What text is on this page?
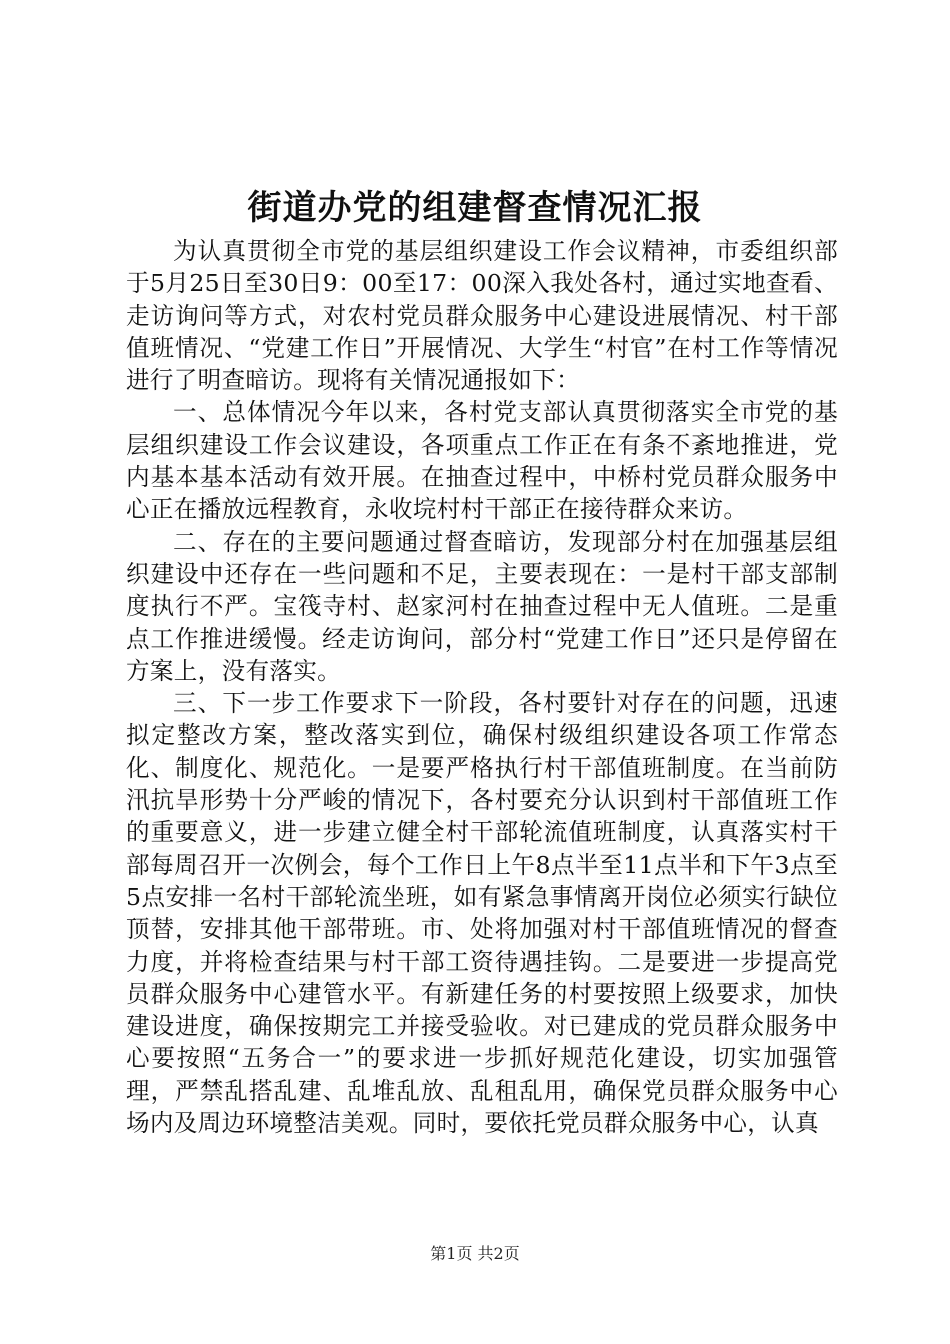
街道办党的组建督查情况汇报

为认真贯彻全市党的基层组织建设工作会议精神，市委组织部于5月25日至30日9：00至17：00深入我处各村，通过实地查看、走访询问等方式，对农村党员群众服务中心建设进展情况、村干部值班情况、“党建工作日”开展情况、大学生“村官”在村工作等情况进行了明查暗访。现将有关情况通报如下：

一、总体情况今年以来，各村党支部认真贯彻落实全市党的基层组织建设工作会议建设，各项重点工作正在有条不紊地推进，党内基本基本活动有效开展。在抽查过程中，中桥村党员群众服务中心正在播放远程教育，永收垸村村干部正在接待群众来访。

二、存在的主要问题通过督查暗访，发现部分村在加强基层组织建设中还存在一些问题和不足，主要表现在：一是村干部支部制度执行不严。宝筏寺村、赵家河村在抽查过程中无人值班。二是重点工作推进缓慢。经走访询问，部分村“党建工作日”还只是停留在方案上，没有落实。

三、下一步工作要求下一阶段，各村要针对存在的问题，迅速拟定整改方案，整改落实到位，确保村级组织建设各项工作常态化、制度化、规范化。一是要严格执行村干部值班制度。在当前防汛抗旱形势十分严峻的情况下，各村要充分认识到村干部值班工作的重要意义，进一步建立健全村干部轮流值班制度，认真落实村干部每周召开一次例会，每个工作日上午8点半至11点半和下午3点至5点安排一名村干部轮流坐班，如有紧急事情离开岗位必须实行缺位顶替，安排其他干部带班。市、处将加强对村干部值班情况的督查力度，并将检查结果与村干部工资待遇挂钩。二是要进一步提高党员群众服务中心建管水平。有新建任务的村要按照上级要求，加快建设进度，确保按期完工并接受验收。对已建成的党员群众服务中心要按照“五务合一”的要求进一步抓好规范化建设，切实加强管理，严禁乱搭乱建、乱堆乱放、乱租乱用，确保党员群众服务中心场内及周边环境整洁美观。同时，要依托党员群众服务中心，认真

第1页 共2页
